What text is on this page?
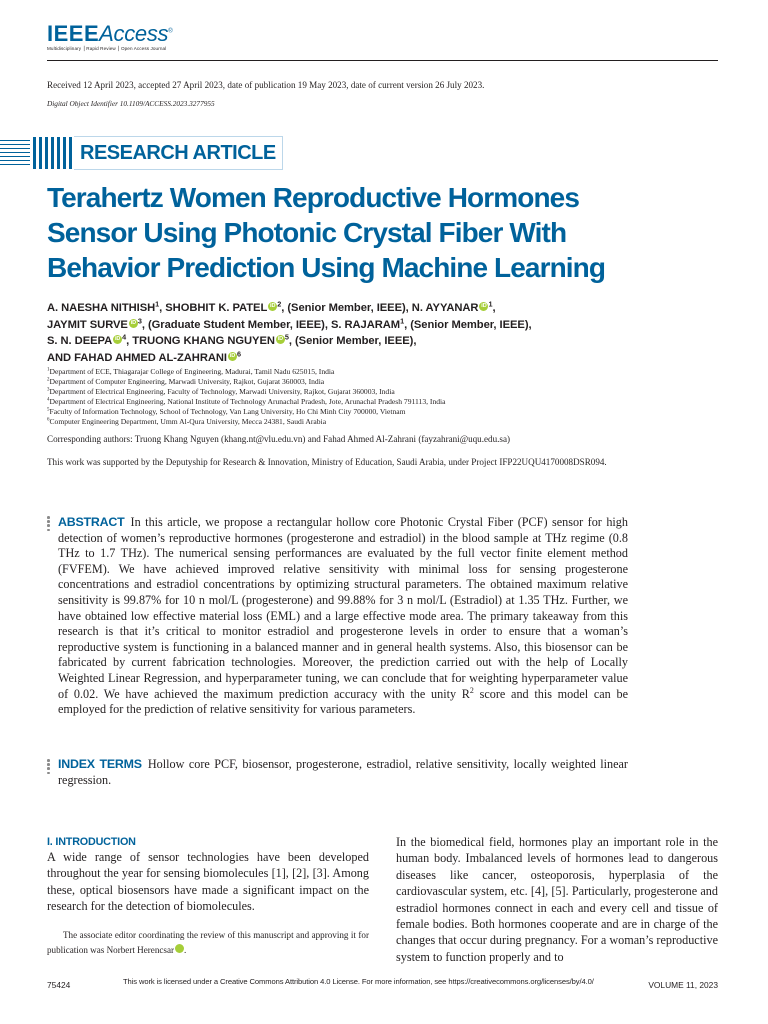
IEEEAccess®
Multidisciplinary ⎟ Rapid Review ⎟ Open Access Journal
Received 12 April 2023, accepted 27 April 2023, date of publication 19 May 2023, date of current version 26 July 2023.
Digital Object Identifier 10.1109/ACCESS.2023.3277955
RESEARCH ARTICLE
Terahertz Women Reproductive Hormones Sensor Using Photonic Crystal Fiber With Behavior Prediction Using Machine Learning
A. NAESHA NITHISH$^1$, SHOBHIT K. PATEL iD $^2$, (Senior Member, IEEE), N. AYYANAR iD $^1$,
JAYMIT SURVE iD $^3$, (Graduate Student Member, IEEE), S. RAJARAM$^1$, (Senior Member, IEEE),
S. N. DEEPA iD $^4$, TRUONG KHANG NGUYEN iD $^5$, (Senior Member, IEEE),
AND FAHAD AHMED AL-ZAHRANI iD $^6$
$^1$Department of ECE, Thiagarajar College of Engineering, Madurai, Tamil Nadu 625015, India
$^2$Department of Computer Engineering, Marwadi University, Rajkot, Gujarat 360003, India
$^3$Department of Electrical Engineering, Faculty of Technology, Marwadi University, Rajkot, Gujarat 360003, India
$^4$Department of Electrical Engineering, National Institute of Technology Arunachal Pradesh, Jote, Arunachal Pradesh 791113, India
$^5$Faculty of Information Technology, School of Technology, Van Lang University, Ho Chi Minh City 700000, Vietnam
$^6$Computer Engineering Department, Umm Al-Qura University, Mecca 24381, Saudi Arabia
Corresponding authors: Truong Khang Nguyen (khang.nt@vlu.edu.vn) and Fahad Ahmed Al-Zahrani (fayzahrani@uqu.edu.sa)
This work was supported by the Deputyship for Research & Innovation, Ministry of Education, Saudi Arabia, under Project IFP22UQU4170008DSR094.
ABSTRACT In this article, we propose a rectangular hollow core Photonic Crystal Fiber (PCF) sensor for high detection of women’s reproductive hormones (progesterone and estradiol) in the blood sample at THz regime (0.8 THz to 1.7 THz). The numerical sensing performances are evaluated by the full vector finite element method (FVFEM). We have achieved improved relative sensitivity with minimal loss for sensing progesterone concentrations and estradiol concentrations by optimizing structural parameters. The obtained maximum relative sensitivity is 99.87% for 10 n mol/L (progesterone) and 99.88% for 3 n mol/L (Estradiol) at 1.35 THz. Further, we have obtained low effective material loss (EML) and a large effective mode area. The primary takeaway from this research is that it’s critical to monitor estradiol and progesterone levels in order to ensure that a woman’s reproductive system is functioning in a balanced manner and in general health systems. Also, this biosensor can be fabricated by current fabrication technologies. Moreover, the prediction carried out with the help of Locally Weighted Linear Regression, and hyperparameter tuning, we can conclude that for weighting hyperparameter value of 0.02. We have achieved the maximum prediction accuracy with the unity $R^2$ score and this model can be employed for the prediction of relative sensitivity for various parameters.
INDEX TERMS Hollow core PCF, biosensor, progesterone, estradiol, relative sensitivity, locally weighted linear regression.
I. INTRODUCTION

A wide range of sensor technologies have been developed throughout the year for sensing biomolecules [1], [2], [3]. Among these, optical biosensors have made a significant impact on the research for the detection of biomolecules.

The associate editor coordinating the review of this manuscript and approving it for publication was Norbert Herencsar	iD.

In the biomedical field, hormones play an important role in the human body. Imbalanced levels of hormones lead to dangerous diseases like cancer, osteoporosis, hyperplasia of the cardiovascular system, etc. [4], [5]. Particularly, progesterone and estradiol hormones connect in each and every cell and tissue of female bodies. Both hormones cooperate and are in charge of the changes that occur during pregnancy. For a woman’s reproductive system to function properly and to

75424	This work is licensed under a Creative Commons Attribution 4.0 License. For more information, see https://creativecommons.org/licenses/by/4.0/	VOLUME 11, 2023
